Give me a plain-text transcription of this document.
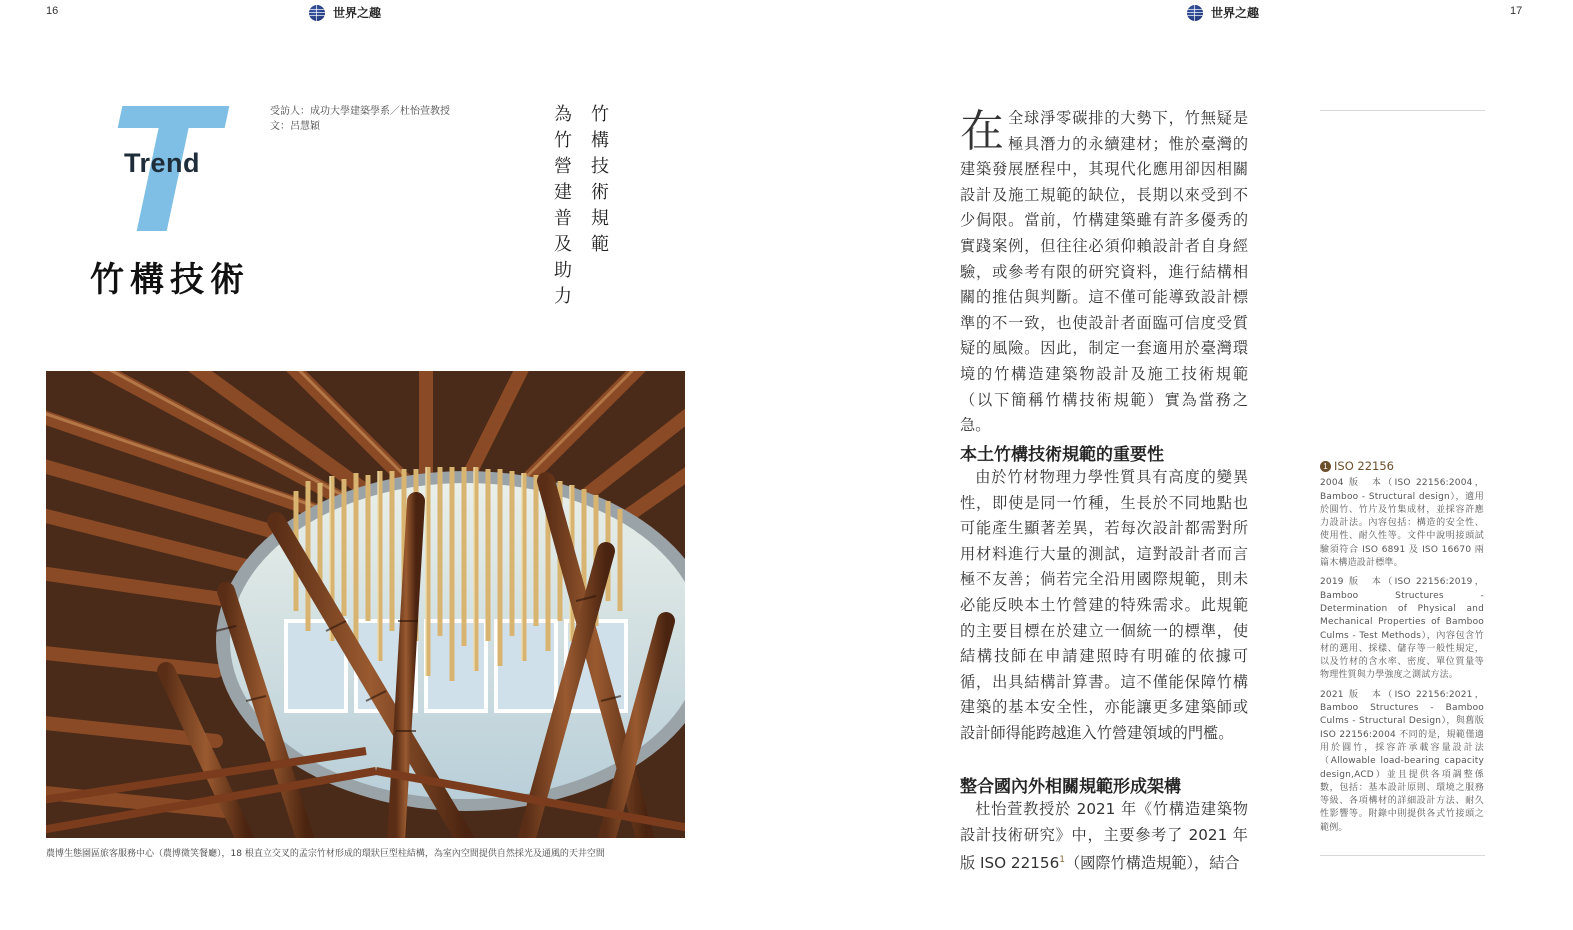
16	世界之趣	世界之趣	17
Trend
竹構技術
受訪人：成功大學建築學系／杜怡萱教授
文：呂慧穎	竹構技術規範
為竹營建普及助力
農博生態園區旅客服務中心（農博微笑餐廳），18 根直立交叉的孟宗竹材形成的環狀巨型柱結構，為室內空間提供自然採光及通風的天井空間
在全球淨零碳排的大勢下，竹無疑是極具潛力的永續建材；惟於臺灣的建築發展歷程中，其現代化應用卻因相關設計及施工規範的缺位，長期以來受到不少侷限。當前，竹構建築雖有許多優秀的實踐案例，但往往必須仰賴設計者自身經驗，或參考有限的研究資料，進行結構相關的推估與判斷。這不僅可能導致設計標準的不一致，也使設計者面臨可信度受質疑的風險。因此，制定一套適用於臺灣環境的竹構造建築物設計及施工技術規範（以下簡稱竹構技術規範）實為當務之急。
本土竹構技術規範的重要性
由於竹材物理力學性質具有高度的變異性，即使是同一竹種，生長於不同地點也可能產生顯著差異，若每次設計都需對所用材料進行大量的測試，這對設計者而言極不友善；倘若完全沿用國際規範，則未必能反映本土竹營建的特殊需求。此規範的主要目標在於建立一個統一的標準，使結構技師在申請建照時有明確的依據可循，出具結構計算書。這不僅能保障竹構建築的基本安全性，亦能讓更多建築師或設計師得能跨越進入竹營建領域的門檻。
整合國內外相關規範形成架構
杜怡萱教授於 2021 年《竹構造建築物設計技術研究》中，主要參考了 2021 年版 ISO 22156$^1$（國際竹構造規範），結合
1 ISO 22156

2004 版　本（ISO 22156:2004，Bamboo - Structural design），適用於圓竹、竹片及竹集成材，並採容許應力設計法。內容包括：構造的安全性、使用性、耐久性等。文件中說明接頭試驗須符合 ISO 6891 及 ISO 16670 兩篇木構造設計標準。

2019 版　本（ISO 22156:2019，Bamboo Structures - Determination of Physical and Mechanical Properties of Bamboo Culms - Test Methods），內容包含竹材的選用、採樣、儲存等一般性規定，以及竹材的含水率、密度、單位質量等物理性質與力學強度之測試方法。

2021 版　本（ISO 22156:2021，Bamboo Structures - Bamboo Culms - Structural Design），與舊版 ISO 22156:2004 不同的是，規範僅適用於圓竹，採容許承載容量設計法（Allowable load-bearing capacity design,ACD）並且提供各項調整係數，包括：基本設計原則、環境之服務等級、各項構材的詳細設計方法、耐久性影響等。附錄中則提供各式竹接頭之範例。
